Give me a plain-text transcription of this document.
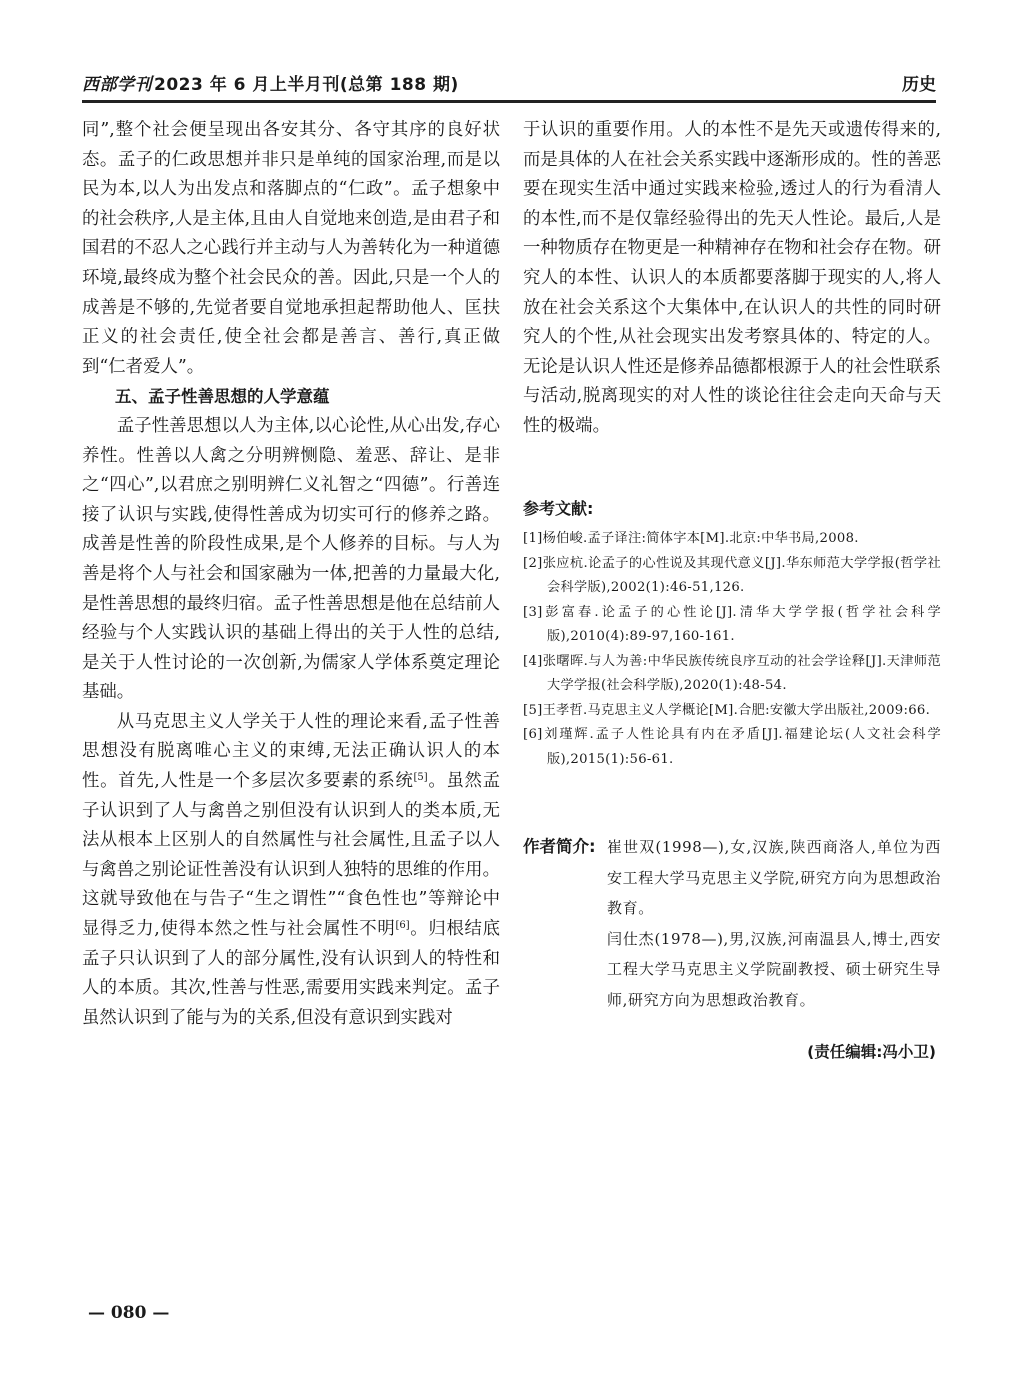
西部学刊 2023 年 6 月上半月刊(总第 188 期)	历史

同”,整个社会便呈现出各安其分、各守其序的良好状态。孟子的仁政思想并非只是单纯的国家治理,而是以民为本,以人为出发点和落脚点的“仁政”。孟子想象中的社会秩序,人是主体,且由人自觉地来创造,是由君子和国君的不忍人之心践行并主动与人为善转化为一种道德环境,最终成为整个社会民众的善。因此,只是一个人的成善是不够的,先觉者要自觉地承担起帮助他人、匡扶正义的社会责任,使全社会都是善言、善行,真正做到“仁者爱人”。

五、孟子性善思想的人学意蕴

孟子性善思想以人为主体,以心论性,从心出发,存心养性。性善以人禽之分明辨恻隐、羞恶、辞让、是非之“四心”,以君庶之别明辨仁义礼智之“四德”。行善连接了认识与实践,使得性善成为切实可行的修养之路。成善是性善的阶段性成果,是个人修养的目标。与人为善是将个人与社会和国家融为一体,把善的力量最大化,是性善思想的最终归宿。孟子性善思想是他在总结前人经验与个人实践认识的基础上得出的关于人性的总结,是关于人性讨论的一次创新,为儒家人学体系奠定理论基础。

从马克思主义人学关于人性的理论来看,孟子性善思想没有脱离唯心主义的束缚,无法正确认识人的本性。首先,人性是一个多层次多要素的系统[5]。虽然孟子认识到了人与禽兽之别但没有认识到人的类本质,无法从根本上区别人的自然属性与社会属性,且孟子以人与禽兽之别论证性善没有认识到人独特的思维的作用。这就导致他在与告子“生之谓性”“食色性也”等辩论中显得乏力,使得本然之性与社会属性不明[6]。归根结底孟子只认识到了人的部分属性,没有认识到人的特性和人的本质。其次,性善与性恶,需要用实践来判定。孟子虽然认识到了能与为的关系,但没有意识到实践对

于认识的重要作用。人的本性不是先天或遗传得来的,而是具体的人在社会关系实践中逐渐形成的。性的善恶要在现实生活中通过实践来检验,透过人的行为看清人的本性,而不是仅靠经验得出的先天人性论。最后,人是一种物质存在物更是一种精神存在物和社会存在物。研究人的本性、认识人的本质都要落脚于现实的人,将人放在社会关系这个大集体中,在认识人的共性的同时研究人的个性,从社会现实出发考察具体的、特定的人。无论是认识人性还是修养品德都根源于人的社会性联系与活动,脱离现实的对人性的谈论往往会走向天命与天性的极端。

参考文献:
[1]杨伯峻.孟子译注:简体字本[M].北京:中华书局,2008.
[2]张应杭.论孟子的心性说及其现代意义[J].华东师范大学学报(哲学社会科学版),2002(1):46-51,126.
[3]彭富春.论孟子的心性论[J].清华大学学报(哲学社会科学版),2010(4):89-97,160-161.
[4]张曙晖.与人为善:中华民族传统良序互动的社会学诠释[J].天津师范大学学报(社会科学版),2020(1):48-54.
[5]王孝哲.马克思主义人学概论[M].合肥:安徽大学出版社,2009:66.
[6]刘瑾辉.孟子人性论具有内在矛盾[J].福建论坛(人文社会科学版),2015(1):56-61.
作者简介: 崔世双(1998—),女,汉族,陕西商洛人,单位为西安工程大学马克思主义学院,研究方向为思想政治教育。

闫仕杰(1978—),男,汉族,河南温县人,博士,西安工程大学马克思主义学院副教授、硕士研究生导师,研究方向为思想政治教育。

(责任编辑:冯小卫)
— 080 —
